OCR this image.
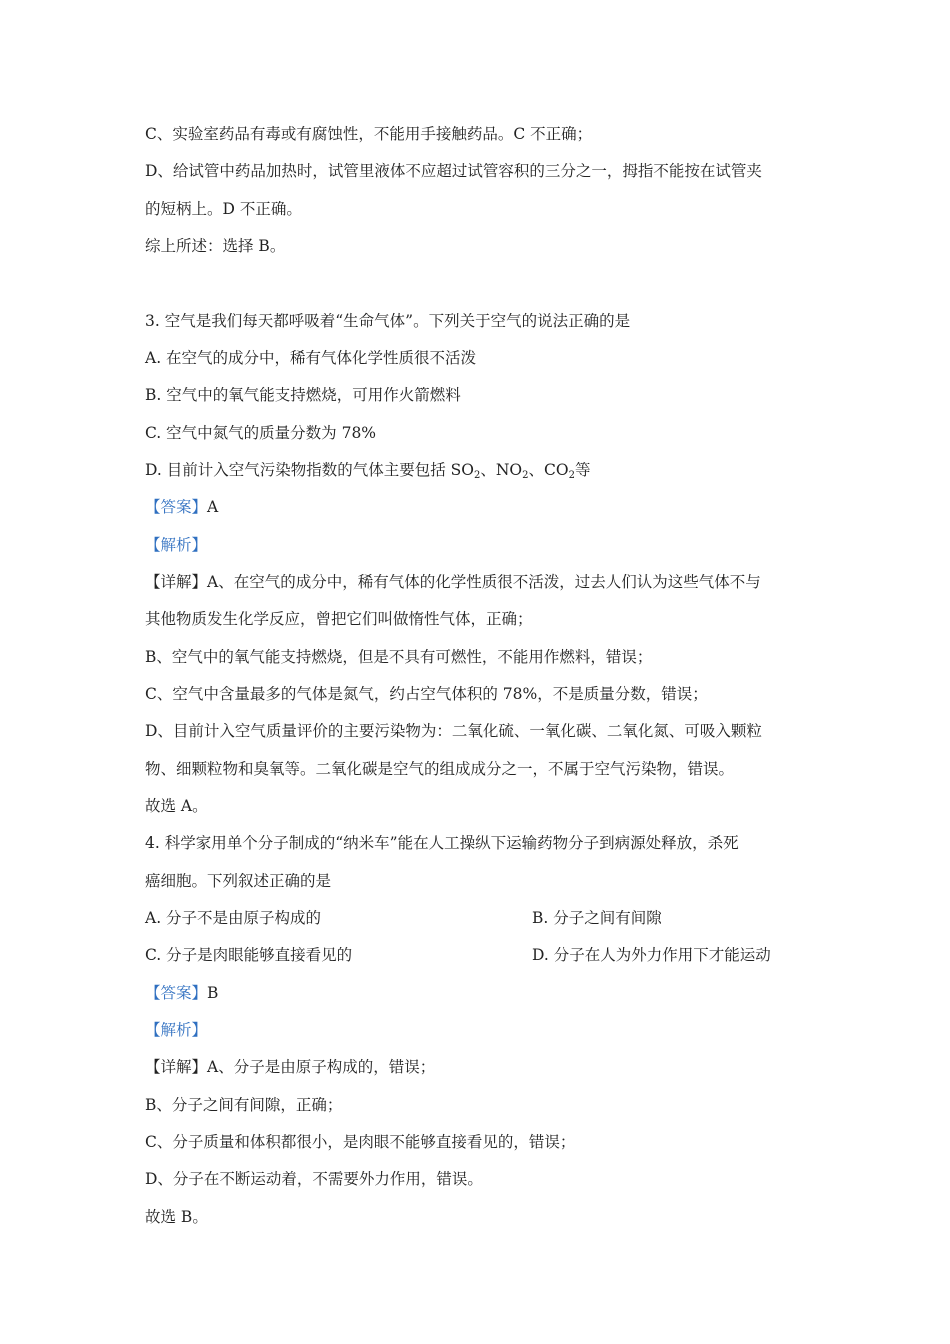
C、实验室药品有毒或有腐蚀性，不能用手接触药品。C 不正确；
D、给试管中药品加热时，试管里液体不应超过试管容积的三分之一，拇指不能按在试管夹
的短柄上。D 不正确。
综上所述：选择 B。
3. 空气是我们每天都呼吸着“生命气体”。下列关于空气的说法正确的是
A. 在空气的成分中，稀有气体化学性质很不活泼
B. 空气中的氧气能支持燃烧，可用作火箭燃料
C. 空气中氮气的质量分数为 78%
D. 目前计入空气污染物指数的气体主要包括 $SO_2$、$NO_2$、$CO_2$等
【答案】A
【解析】
【详解】A、在空气的成分中，稀有气体的化学性质很不活泼，过去人们认为这些气体不与
其他物质发生化学反应，曾把它们叫做惰性气体，正确；
B、空气中的氧气能支持燃烧，但是不具有可燃性，不能用作燃料，错误；
C、空气中含量最多的气体是氮气，约占空气体积的 78%，不是质量分数，错误；
D、目前计入空气质量评价的主要污染物为：二氧化硫、一氧化碳、二氧化氮、可吸入颗粒
物、细颗粒物和臭氧等。二氧化碳是空气的组成成分之一，不属于空气污染物，错误。
故选 A。
4. 科学家用单个分子制成的“纳米车”能在人工操纵下运输药物分子到病源处释放，杀死
癌细胞。下列叙述正确的是
A. 分子不是由原子构成的	B. 分子之间有间隙
C. 分子是肉眼能够直接看见的	D. 分子在人为外力作用下才能运动
【答案】B
【解析】
【详解】A、分子是由原子构成的，错误；
B、分子之间有间隙，正确；
C、分子质量和体积都很小，是肉眼不能够直接看见的，错误；
D、分子在不断运动着，不需要外力作用，错误。
故选 B。
